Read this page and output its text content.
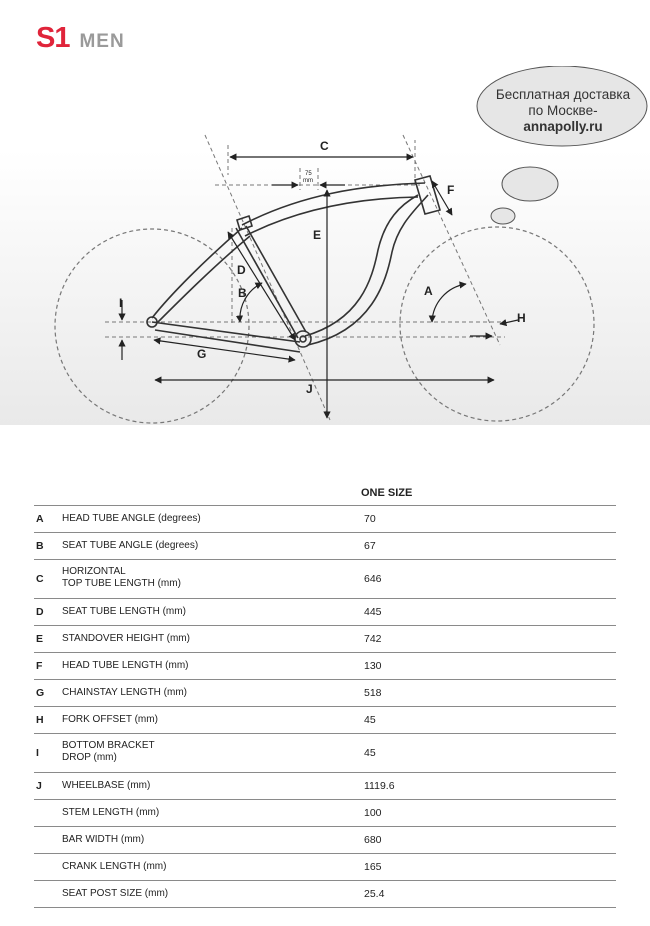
S1 MEN
Бесплатная доставка
по Москве-
annapolly.ru
C
E
F
D
B	A
H
I
G
J
75
mm
ONE SIZE
A HEAD TUBE ANGLE (degrees)	70
B SEAT TUBE ANGLE (degrees)	67
C
HORIZONTAL
TOP TUBE LENGTH (mm)	646
D SEAT TUBE LENGTH (mm)	445
E STANDOVER HEIGHT (mm)	742
F HEAD TUBE LENGTH (mm)	130
G CHAINSTAY LENGTH (mm)	518
H FORK OFFSET (mm)	45
I
BOTTOM BRACKET
DROP (mm)	45
J WHEELBASE (mm)	1119.6
STEM LENGTH (mm)	100
BAR WIDTH (mm)	680
CRANK LENGTH (mm)	165
SEAT POST SIZE (mm)	25.4
